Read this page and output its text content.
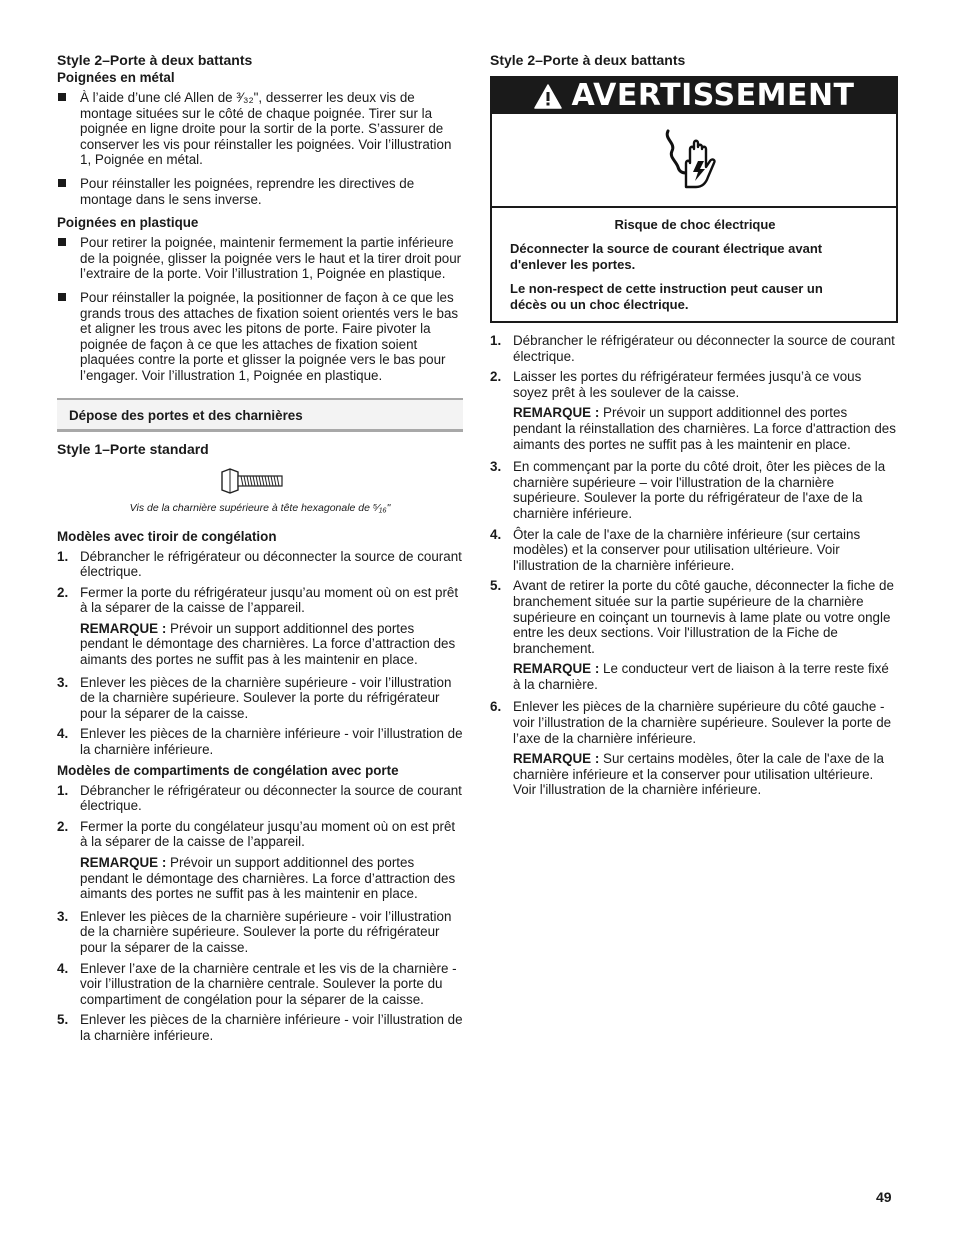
Style 2–Porte à deux battants
Poignées en métal
À l’aide d’une clé Allen de ³⁄₃₂", desserrer les deux vis de montage situées sur le côté de chaque poignée. Tirer sur la poignée en ligne droite pour la sortir de la porte. S’assurer de conserver les vis pour réinstaller les poignées. Voir l’illustration 1, Poignée en métal.
Pour réinstaller les poignées, reprendre les directives de montage dans le sens inverse.
Poignées en plastique
Pour retirer la poignée, maintenir fermement la partie inférieure de la poignée, glisser la poignée vers le haut et la tirer droit pour l’extraire de la porte. Voir l’illustration 1, Poignée en plastique.
Pour réinstaller la poignée, la positionner de façon à ce que les grands trous des attaches de fixation soient orientés vers le bas et aligner les trous avec les pitons de porte. Faire pivoter la poignée de façon à ce que les attaches de fixation soient plaquées contre la porte et glisser la poignée vers le bas pour l’engager. Voir l’illustration 1, Poignée en plastique.
Dépose des portes et des charnières
Style 1–Porte standard

Vis de la charnière supérieure à tête hexagonale de ⁵⁄₁₆"

Modèles avec tiroir de congélation
1. Débrancher le réfrigérateur ou déconnecter la source de courant électrique.
2. Fermer la porte du réfrigérateur jusqu’au moment où on est prêt à la séparer de la caisse de l’appareil.

REMARQUE : Prévoir un support additionnel des portes pendant le démontage des charnières. La force d’attraction des aimants des portes ne suffit pas à les maintenir en place.

3. Enlever les pièces de la charnière supérieure - voir l’illustration de la charnière supérieure. Soulever la porte du réfrigérateur pour la séparer de la caisse.
4. Enlever les pièces de la charnière inférieure - voir l’illustration de la charnière inférieure.
Modèles de compartiments de congélation avec porte
1. Débrancher le réfrigérateur ou déconnecter la source de courant électrique.
2. Fermer la porte du congélateur jusqu’au moment où on est prêt à la séparer de la caisse de l’appareil.

REMARQUE : Prévoir un support additionnel des portes pendant le démontage des charnières. La force d’attraction des aimants des portes ne suffit pas à les maintenir en place.

3. Enlever les pièces de la charnière supérieure - voir l’illustration de la charnière supérieure. Soulever la porte du réfrigérateur pour la séparer de la caisse.
4. Enlever l’axe de la charnière centrale et les vis de la charnière - voir l’illustration de la charnière centrale. Soulever la porte du compartiment de congélation pour la séparer de la caisse.
5. Enlever les pièces de la charnière inférieure - voir l’illustration de la charnière inférieure.
Style 2–Porte à deux battants
AVERTISSEMENT

Risque de choc électrique

Déconnecter la source de courant électrique avant d'enlever les portes.

Le non-respect de cette instruction peut causer un décès ou un choc électrique.

1. Débrancher le réfrigérateur ou déconnecter la source de courant électrique.
2. Laisser les portes du réfrigérateur fermées jusqu’à ce vous soyez prêt à les soulever de la caisse.

REMARQUE : Prévoir un support additionnel des portes pendant la réinstallation des charnières. La force d'attraction des aimants des portes ne suffit pas à les maintenir en place.

3. En commençant par la porte du côté droit, ôter les pièces de la charnière supérieure – voir l'illustration de la charnière supérieure. Soulever la porte du réfrigérateur de l'axe de la charnière inférieure.
4. Ôter la cale de l'axe de la charnière inférieure (sur certains modèles) et la conserver pour utilisation ultérieure. Voir l'illustration de la charnière inférieure.
5. Avant de retirer la porte du côté gauche, déconnecter la fiche de branchement située sur la partie supérieure de la charnière supérieure en coinçant un tournevis à lame plate ou votre ongle entre les deux sections. Voir l'illustration de la Fiche de branchement.

REMARQUE : Le conducteur vert de liaison à la terre reste fixé à la charnière.

6. Enlever les pièces de la charnière supérieure du côté gauche - voir l’illustration de la charnière supérieure. Soulever la porte de l’axe de la charnière inférieure.

REMARQUE : Sur certains modèles, ôter la cale de l'axe de la charnière inférieure et la conserver pour utilisation ultérieure. Voir l'illustration de la charnière inférieure.

49
